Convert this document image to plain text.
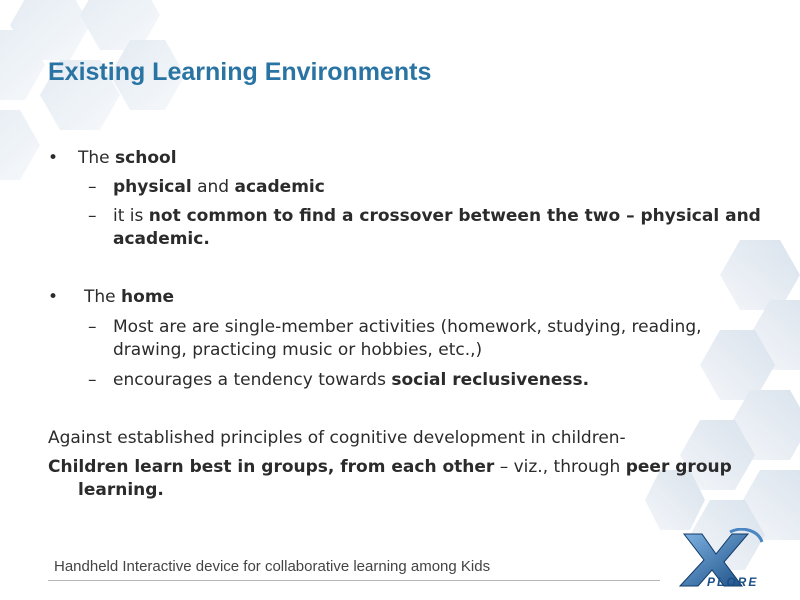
Existing Learning Environments
• The school
– physical and academic
– it is not common to find a crossover between the two – physical and academic.
• The home
– Most are are single-member activities (homework, studying, reading, drawing, practicing music or hobbies, etc.,)
– encourages a tendency towards social reclusiveness.
Against established principles of cognitive development in children-
Children learn best in groups, from each other – viz., through peer group learning.
Handheld Interactive device for collaborative learning among Kids
PLORE
